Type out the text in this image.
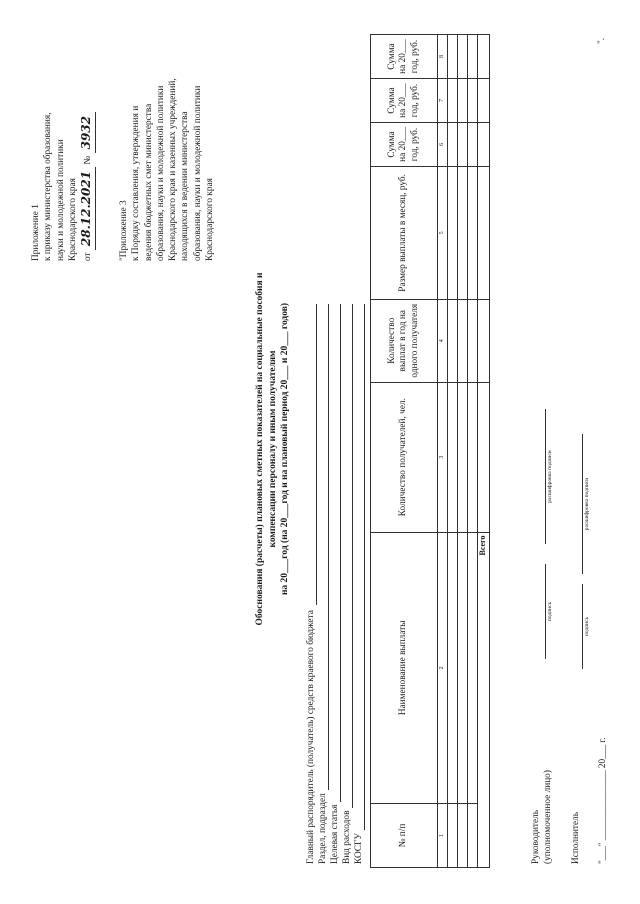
Приложение 1 к приказу министерства образования, науки и молодежной политики Краснодарского края от 28.12.2021 № 3932
"Приложение 3 к Порядку составления, утверждения и ведения бюджетных смет министерства образования, науки и молодежной политики Краснодарского края и казенных учреждений, находящихся в ведении министерства образования, науки и молодежной политики Краснодарского края
Обоснования (расчеты) плановых сметных показателей на социальные пособия и компенсации персоналу и иным получателям на 20___год (на 20___год и на плановый период 20___ и 20___ годов)
Главный распорядитель (получатель) средств краевого бюджета Раздел, подраздел Целевая статья Вид расходов КОСГУ	№ п/п	Наименование выплаты	Количество получателей, чел.	Количество выплат в год на одного получателя	Размер выплаты в месяц, руб.	Сумма на 20___ год, руб.	Сумма на 20___ год, руб.	Сумма на 20___ год, руб.
1	2	3	4	5	6	7	8

Всего							
Руководитель (уполномоченное лицо)
подпись
расшифровка подписи
Исполнитель
подпись
расшифровка подписи
"___" _______________ 20___ г.
".
